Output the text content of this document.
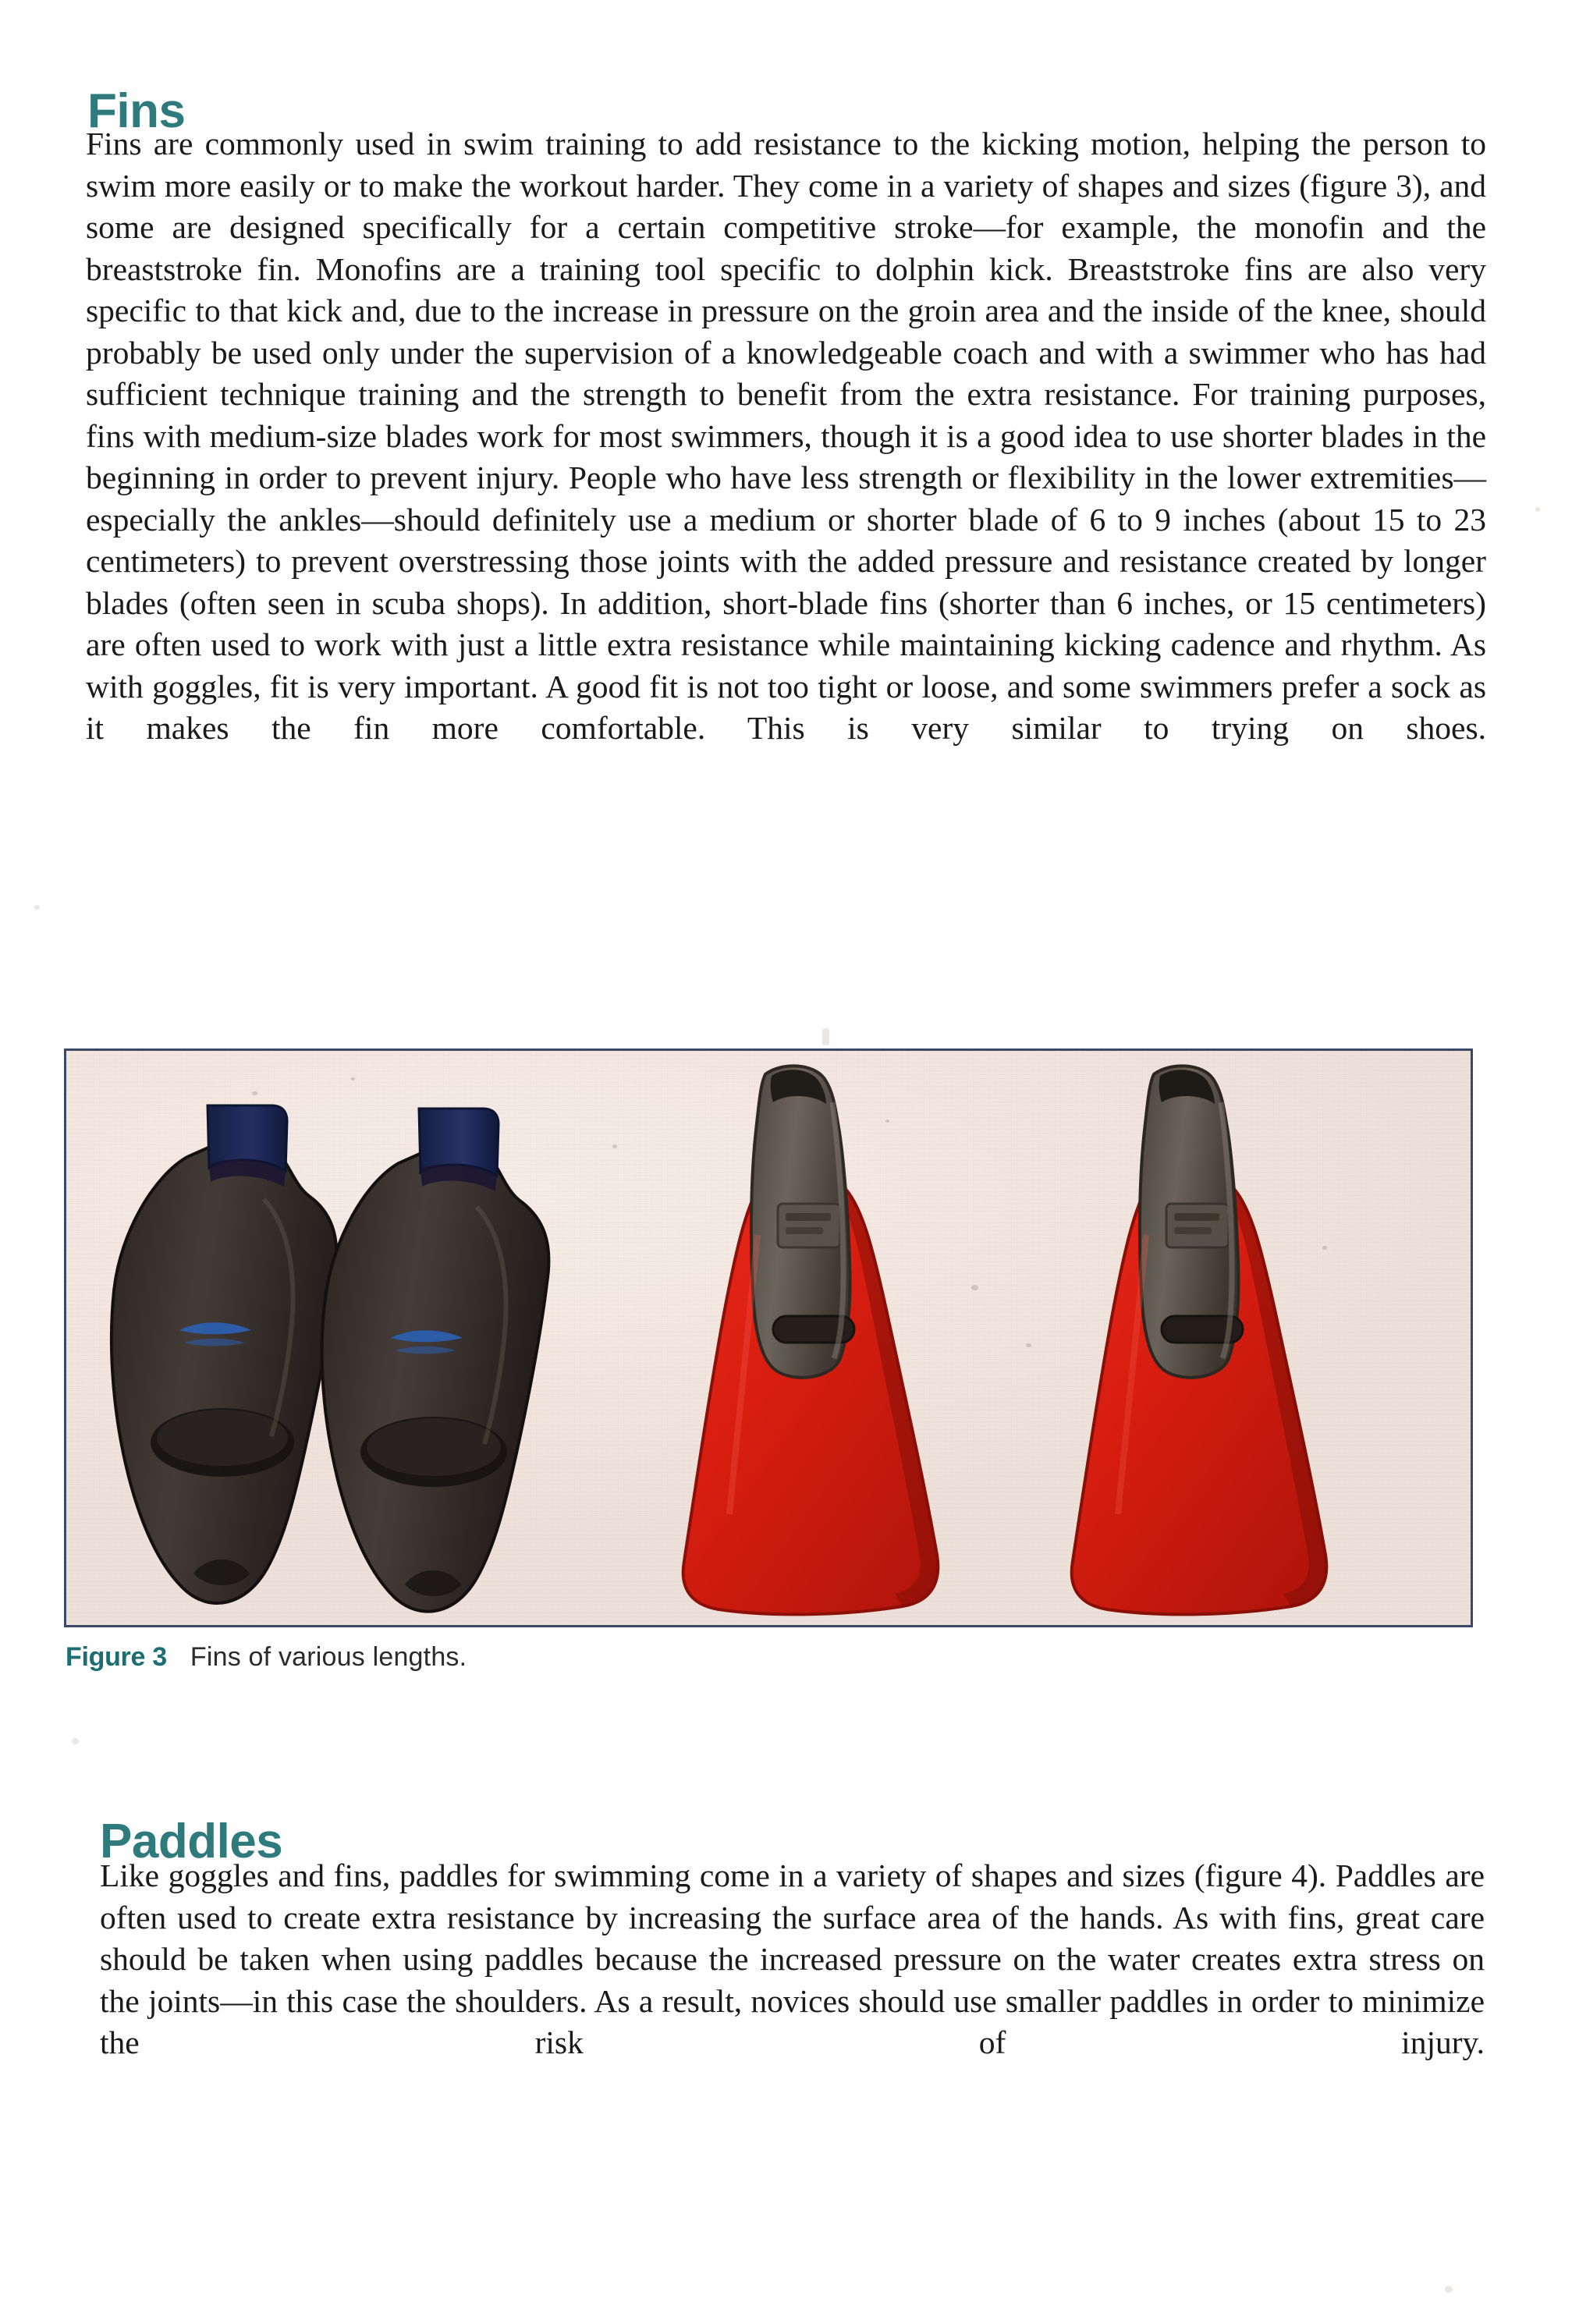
Fins

Fins are commonly used in swim training to add resistance to the kicking motion, helping the person to swim more easily or to make the workout harder. They come in a variety of shapes and sizes (figure 3), and some are designed specifically for a certain competitive stroke—for example, the monofin and the breaststroke fin. Monofins are a training tool specific to dolphin kick. Breaststroke fins are also very specific to that kick and, due to the increase in pressure on the groin area and the inside of the knee, should probably be used only under the supervision of a knowledgeable coach and with a swimmer who has had sufficient technique training and the strength to benefit from the extra resistance. For training purposes, fins with medium-size blades work for most swimmers, though it is a good idea to use shorter blades in the beginning in order to prevent injury. People who have less strength or flexibility in the lower extremities—especially the ankles—should definitely use a medium or shorter blade of 6 to 9 inches (about 15 to 23 centimeters) to prevent overstressing those joints with the added pressure and resistance created by longer blades (often seen in scuba shops). In addition, short-blade fins (shorter than 6 inches, or 15 centimeters) are often used to work with just a little extra resistance while maintaining kicking cadence and rhythm. As with goggles, fit is very important. A good fit is not too tight or loose, and some swimmers prefer a sock as it makes the fin more comfortable. This is very similar to trying on shoes.

Figure 3 Fins of various lengths.
Paddles

Like goggles and fins, paddles for swimming come in a variety of shapes and sizes (figure 4). Paddles are often used to create extra resistance by increasing the surface area of the hands. As with fins, great care should be taken when using paddles because the increased pressure on the water creates extra stress on the joints—in this case the shoulders. As a result, novices should use smaller paddles in order to minimize the risk of injury.
